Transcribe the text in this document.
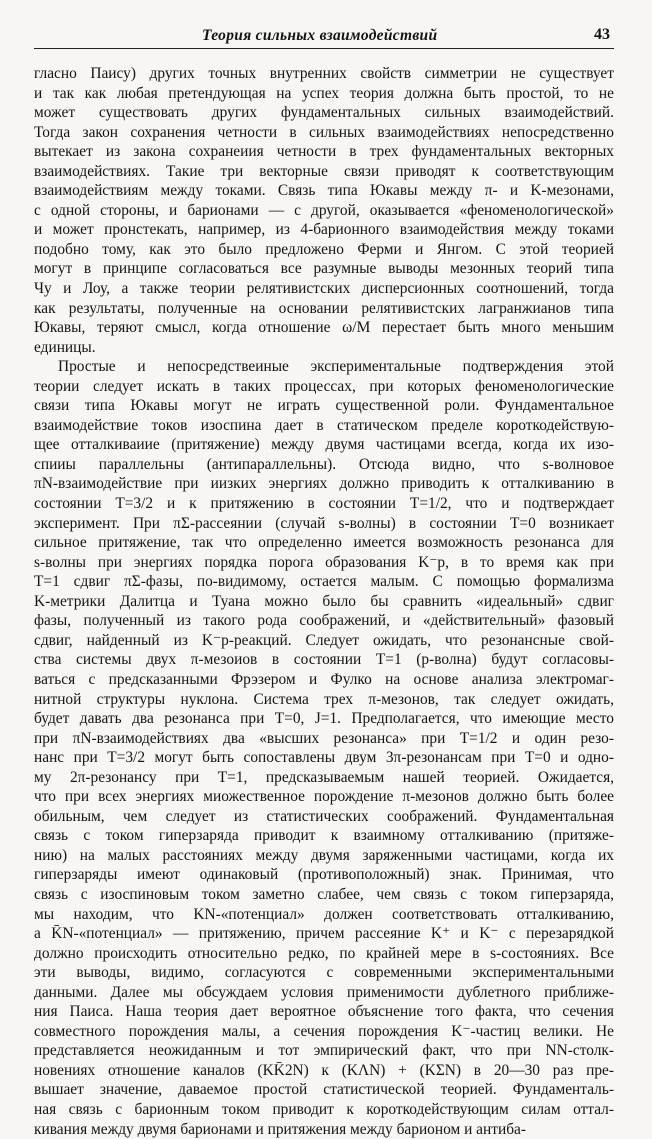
Теория сильных взаимодействий	43
гласно Паису) других точных внутренних свойств симметрии не существует
и так как любая претендующая на успех теория должна быть простой, то не
может существовать других фундаментальных сильных взаимодействий.
Тогда закон сохранения четности в сильных взаимодействиях непосредственно
вытекает из закона сохранеиия четности в трех фундаментальных векторных
взаимодействиях. Такие три векторные связи приводят к соответствующим
взаимодействиям между токами. Связь типа Юкавы между π- и K-мезонами,
с одной стороны, и барионами — с другой, оказывается «феноменологической»
и может пронстекать, например, из 4-барионного взаимодействия между токами
подобно тому, как это было предложено Ферми и Янгом. С этой теорией
могут в принципе согласоваться все разумные выводы мезонных теорий типа
Чу и Лоу, а также теории релятивистских дисперсионных соотношений, тогда
как результаты, полученные на основании релятивистских лагранжианов типа
Юкавы, теряют смысл, когда отношение ω/M перестает быть много меньшим
единицы.
Простые и непосредствеиные экспериментальные подтверждения этой
теории следует искать в таких процессах, при которых феноменологические
связи типа Юкавы могут не играть существенной роли. Фундаментальное
взаимодействие токов изоспина дает в статическом пределе короткодействую-
щее отталкиваиие (притяжение) между двумя частицами всегда, когда их изо-
спииы параллельны (антипараллельны). Отсюда видно, что s-волновое
πN-взаимодействие при иизких энергиях должно приводить к отталкиванию в
состоянии T=3/2 и к притяжению в состоянии T=1/2, что и подтверждает
эксперимент. При πΣ-рассеянии (случай s-волны) в состоянии T=0 возникает
сильное притяжение, так что определенно имеется возможность резонанса для
s-волны при энергиях порядка порога образования K⁻p, в то время как при
T=1 сдвиг πΣ-фазы, по-видимому, остается малым. С помощью формализма
K-метрики Далитца и Туана можно было бы сравнить «идеальный» сдвиг
фазы, полученный из такого рода соображений, и «действительный» фазовый
сдвиг, найденный из K⁻p-реакций. Следует ожидать, что резонансные свой-
ства системы двух π-мезоиов в состоянии T=1 (p-волна) будут согласовы-
ваться с предсказанными Фрэзером и Фулко на основе анализа электромаг-
нитной структуры нуклона. Система трех π-мезонов, так следует ожидать,
будет давать два резонанса при T=0, J=1. Предполагается, что имеющие место
при πN-взаимодействиях два «высших резонанса» при T=1/2 и один резо-
нанс при T=3/2 могут быть сопоставлены двум 3π-резонансам при T=0 и одно-
му 2π-резонансу при T=1, предсказываемым нашей теорией. Ожидается,
что при всех энергиях миожественное порождение π-мезонов должно быть более
обильным, чем следует из статистических соображений. Фундаментальная
связь с током гиперзаряда приводит к взаимному отталкиванию (притяже-
нию) на малых расстояниях между двумя заряженными частицами, когда их
гиперзаряды имеют одинаковый (противоположный) знак. Принимая, что
связь с изоспиновым током заметно слабее, чем связь с током гиперзаряда,
мы находим, что KN-«потенциал» должен соответствовать отталкиванию,
а K̄N-«потенциал» — притяжению, причем рассеяние K⁺ и K⁻ с перезарядкой
должно происходить относительно редко, по крайней мере в s-состояниях. Все
эти выводы, видимо, согласуются с современными экспериментальными
данными. Далее мы обсуждаем условия применимости дублетного приближе-
ния Паиса. Наша теория дает вероятное объяснение того факта, что сечения
совместного порождения малы, а сечения порождения K⁻-частиц велики. Не
представляется неожиданным и тот эмпирический факт, что при NN-столк-
новениях отношение каналов (KK̄2N) к (KΛN) + (KΣN) в 20—30 раз пре-
вышает значение, даваемое простой статистической теорией. Фундаменталь-
ная связь с барионным током приводит к короткодействующим силам оттал-
кивания между двумя барионами и притяжения между барионом и антиба-
